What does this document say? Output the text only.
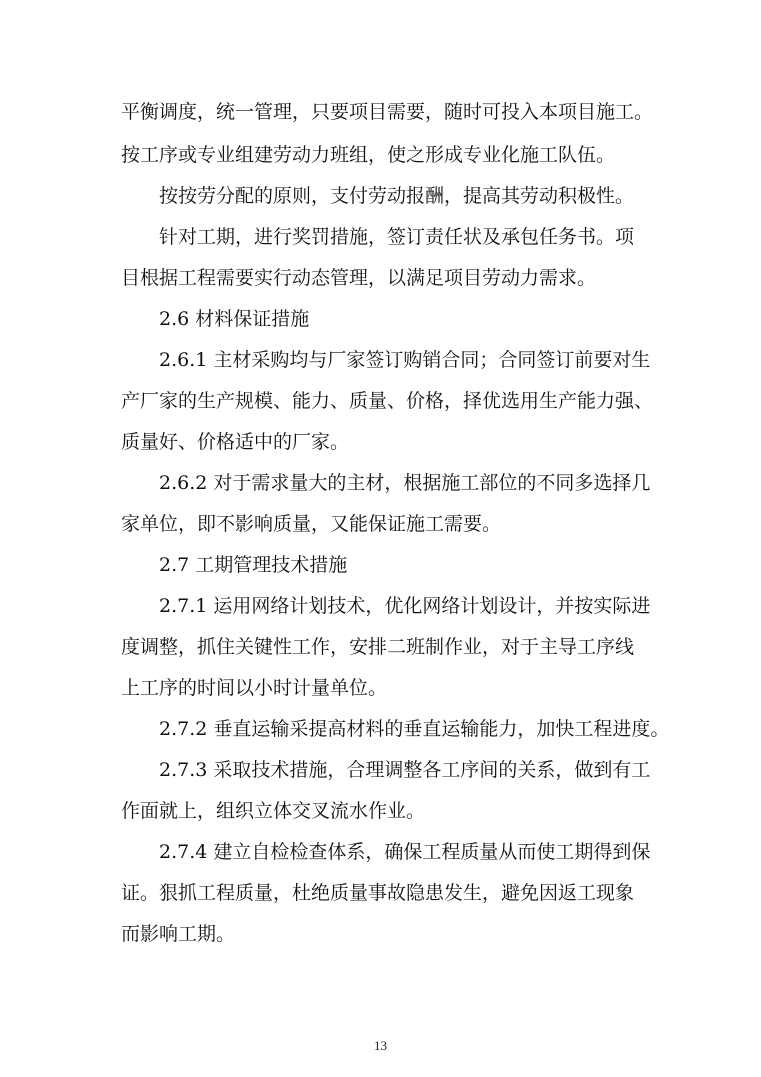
平衡调度，统一管理，只要项目需要，随时可投入本项目施工。
按工序或专业组建劳动力班组，使之形成专业化施工队伍。
按按劳分配的原则，支付劳动报酬，提高其劳动积极性。
针对工期，进行奖罚措施，签订责任状及承包任务书。项
目根据工程需要实行动态管理，以满足项目劳动力需求。
2.6 材料保证措施
2.6.1 主材采购均与厂家签订购销合同；合同签订前要对生
产厂家的生产规模、能力、质量、价格，择优选用生产能力强、
质量好、价格适中的厂家。
2.6.2 对于需求量大的主材，根据施工部位的不同多选择几
家单位，即不影响质量，又能保证施工需要。
2.7 工期管理技术措施
2.7.1 运用网络计划技术，优化网络计划设计，并按实际进
度调整，抓住关键性工作，安排二班制作业，对于主导工序线
上工序的时间以小时计量单位。
2.7.2 垂直运输采提高材料的垂直运输能力，加快工程进度。
2.7.3 采取技术措施，合理调整各工序间的关系，做到有工
作面就上，组织立体交叉流水作业。
2.7.4 建立自检检查体系，确保工程质量从而使工期得到保
证。狠抓工程质量，杜绝质量事故隐患发生，避免因返工现象
而影响工期。
13
